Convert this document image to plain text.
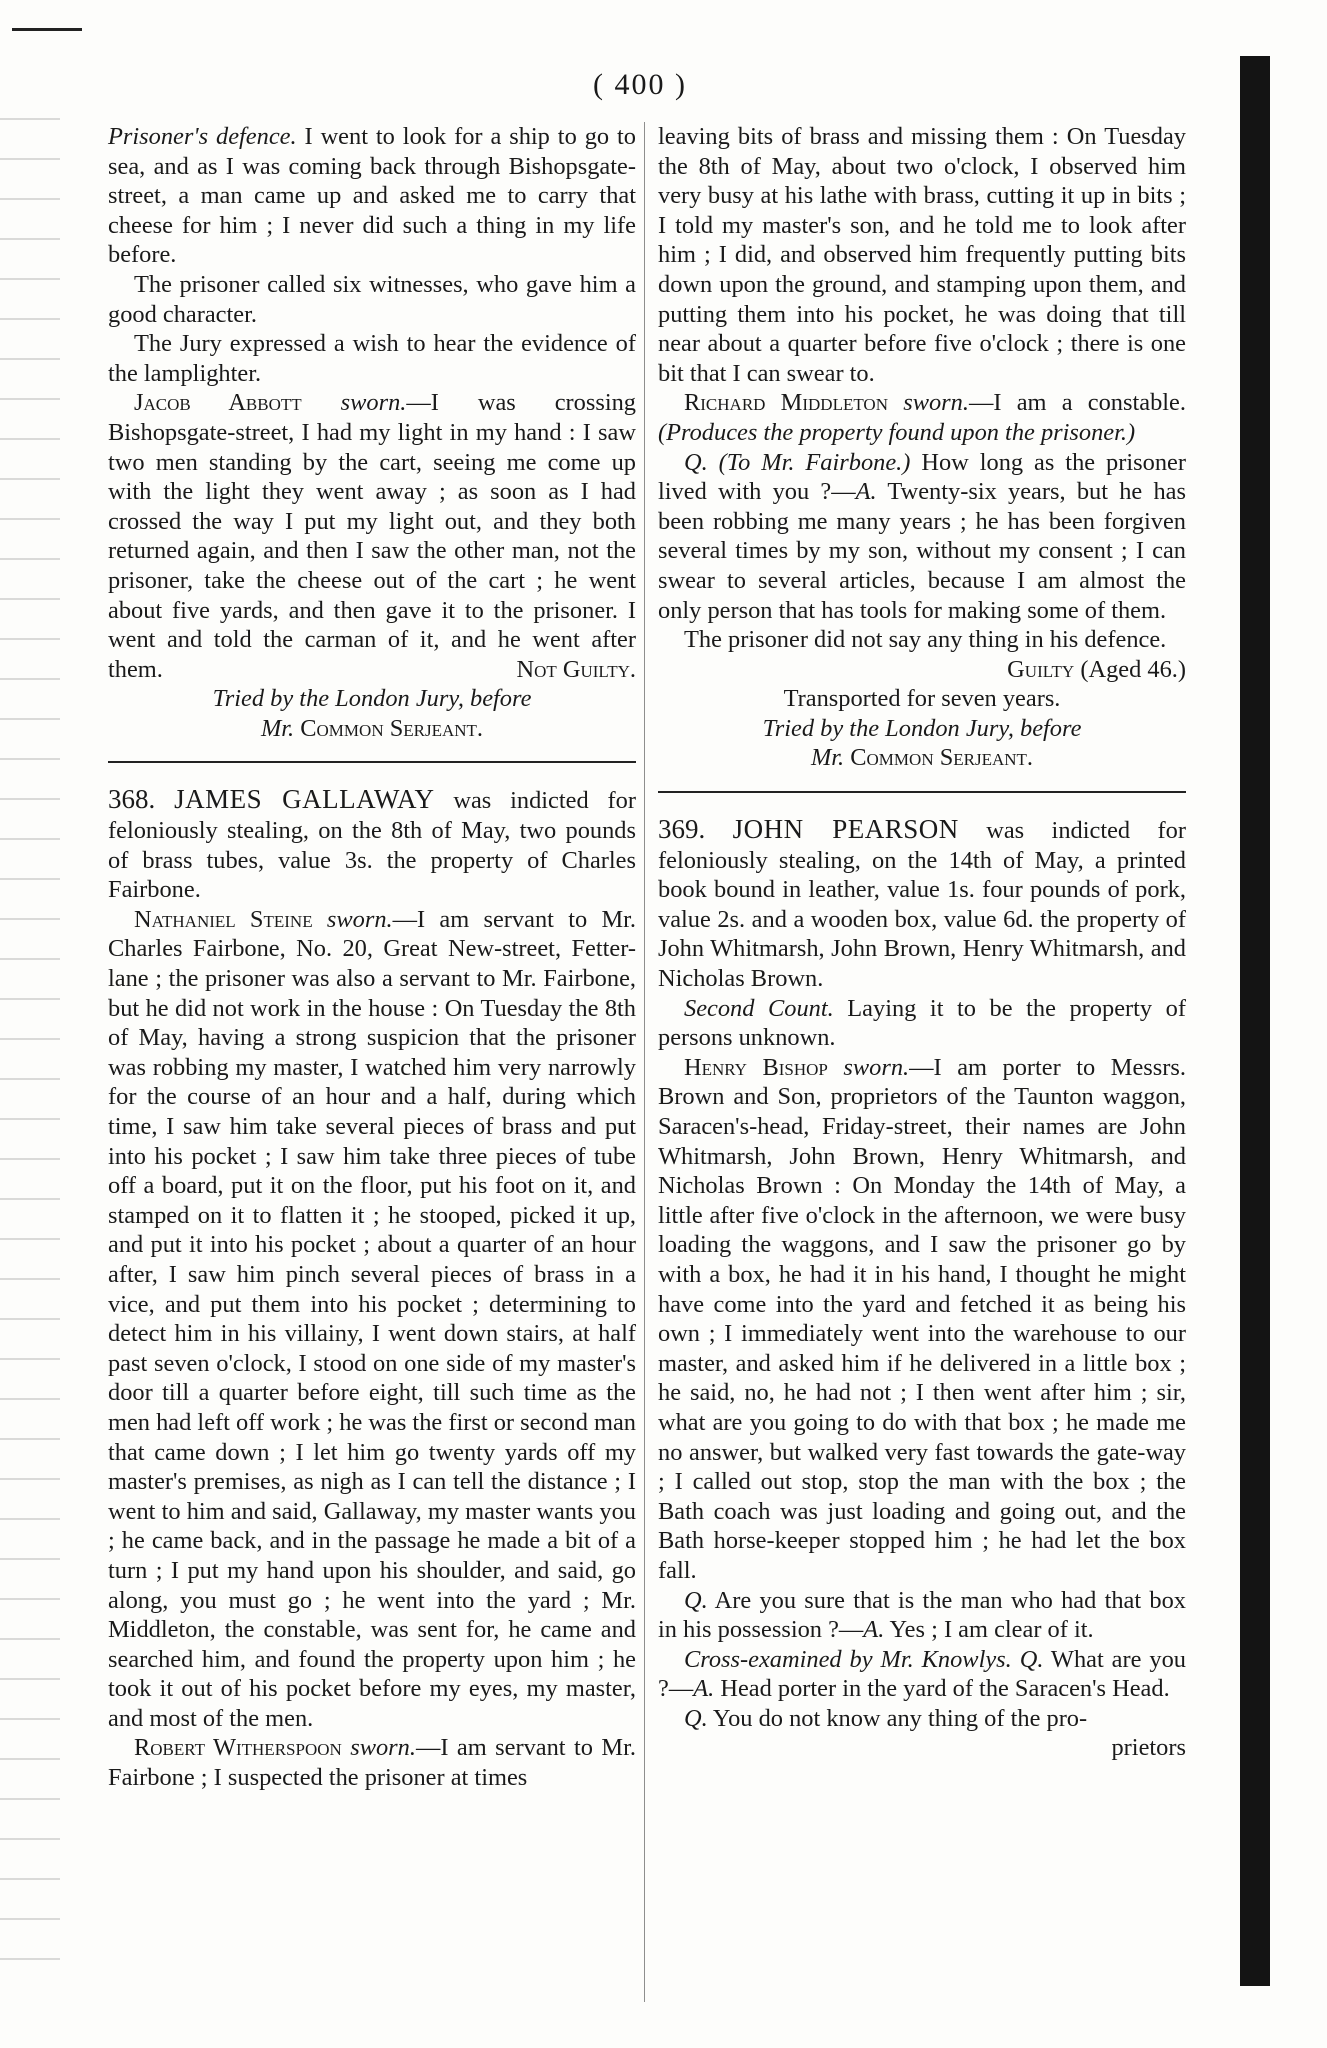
( 400 )

Prisoner's defence. I went to look for a ship to go to sea, and as I was coming back through Bishopsgate-street, a man came up and asked me to carry that cheese for him ; I never did such a thing in my life before.

The prisoner called six witnesses, who gave him a good character.

The Jury expressed a wish to hear the evidence of the lamplighter.

Jacob Abbott sworn.—I was crossing Bishopsgate-street, I had my light in my hand : I saw two men standing by the cart, seeing me come up with the light they went away ; as soon as I had crossed the way I put my light out, and they both returned again, and then I saw the other man, not the prisoner, take the cheese out of the cart ; he went about five yards, and then gave it to the prisoner. I went and told the carman of it, and he went after them.	Not Guilty.

Tried by the London Jury, before

Mr. Common Serjeant.

368. JAMES GALLAWAY was indicted for feloniously stealing, on the 8th of May, two pounds of brass tubes, value 3s. the property of Charles Fairbone.

Nathaniel Steine sworn.—I am servant to Mr. Charles Fairbone, No. 20, Great New-street, Fetter-lane ; the prisoner was also a servant to Mr. Fairbone, but he did not work in the house : On Tuesday the 8th of May, having a strong suspicion that the prisoner was robbing my master, I watched him very narrowly for the course of an hour and a half, during which time, I saw him take several pieces of brass and put into his pocket ; I saw him take three pieces of tube off a board, put it on the floor, put his foot on it, and stamped on it to flatten it ; he stooped, picked it up, and put it into his pocket ; about a quarter of an hour after, I saw him pinch several pieces of brass in a vice, and put them into his pocket ; determining to detect him in his villainy, I went down stairs, at half past seven o'clock, I stood on one side of my master's door till a quarter before eight, till such time as the men had left off work ; he was the first or second man that came down ; I let him go twenty yards off my master's premises, as nigh as I can tell the distance ; I went to him and said, Gallaway, my master wants you ; he came back, and in the passage he made a bit of a turn ; I put my hand upon his shoulder, and said, go along, you must go ; he went into the yard ; Mr. Middleton, the constable, was sent for, he came and searched him, and found the property upon him ; he took it out of his pocket before my eyes, my master, and most of the men.

Robert Witherspoon sworn.—I am servant to Mr. Fairbone ; I suspected the prisoner at times

leaving bits of brass and missing them : On Tuesday the 8th of May, about two o'clock, I observed him very busy at his lathe with brass, cutting it up in bits ; I told my master's son, and he told me to look after him ; I did, and observed him frequently putting bits down upon the ground, and stamping upon them, and putting them into his pocket, he was doing that till near about a quarter before five o'clock ; there is one bit that I can swear to.

Richard Middleton sworn.—I am a constable. (Produces the property found upon the prisoner.)

Q. (To Mr. Fairbone.) How long as the prisoner lived with you ?—A. Twenty-six years, but he has been robbing me many years ; he has been forgiven several times by my son, without my consent ; I can swear to several articles, because I am almost the only person that has tools for making some of them.

The prisoner did not say any thing in his defence.

Guilty (Aged 46.)

Transported for seven years.

Tried by the London Jury, before

Mr. Common Serjeant.

369. JOHN PEARSON was indicted for feloniously stealing, on the 14th of May, a printed book bound in leather, value 1s. four pounds of pork, value 2s. and a wooden box, value 6d. the property of John Whitmarsh, John Brown, Henry Whitmarsh, and Nicholas Brown.

Second Count. Laying it to be the property of persons unknown.

Henry Bishop sworn.—I am porter to Messrs. Brown and Son, proprietors of the Taunton waggon, Saracen's-head, Friday-street, their names are John Whitmarsh, John Brown, Henry Whitmarsh, and Nicholas Brown : On Monday the 14th of May, a little after five o'clock in the afternoon, we were busy loading the waggons, and I saw the prisoner go by with a box, he had it in his hand, I thought he might have come into the yard and fetched it as being his own ; I immediately went into the warehouse to our master, and asked him if he delivered in a little box ; he said, no, he had not ; I then went after him ; sir, what are you going to do with that box ; he made me no answer, but walked very fast towards the gate-way ; I called out stop, stop the man with the box ; the Bath coach was just loading and going out, and the Bath horse-keeper stopped him ; he had let the box fall.

Q. Are you sure that is the man who had that box in his possession ?—A. Yes ; I am clear of it.

Cross-examined by Mr. Knowlys. Q. What are you ?—A. Head porter in the yard of the Saracen's Head.

Q. You do not know any thing of the pro-

prietors
